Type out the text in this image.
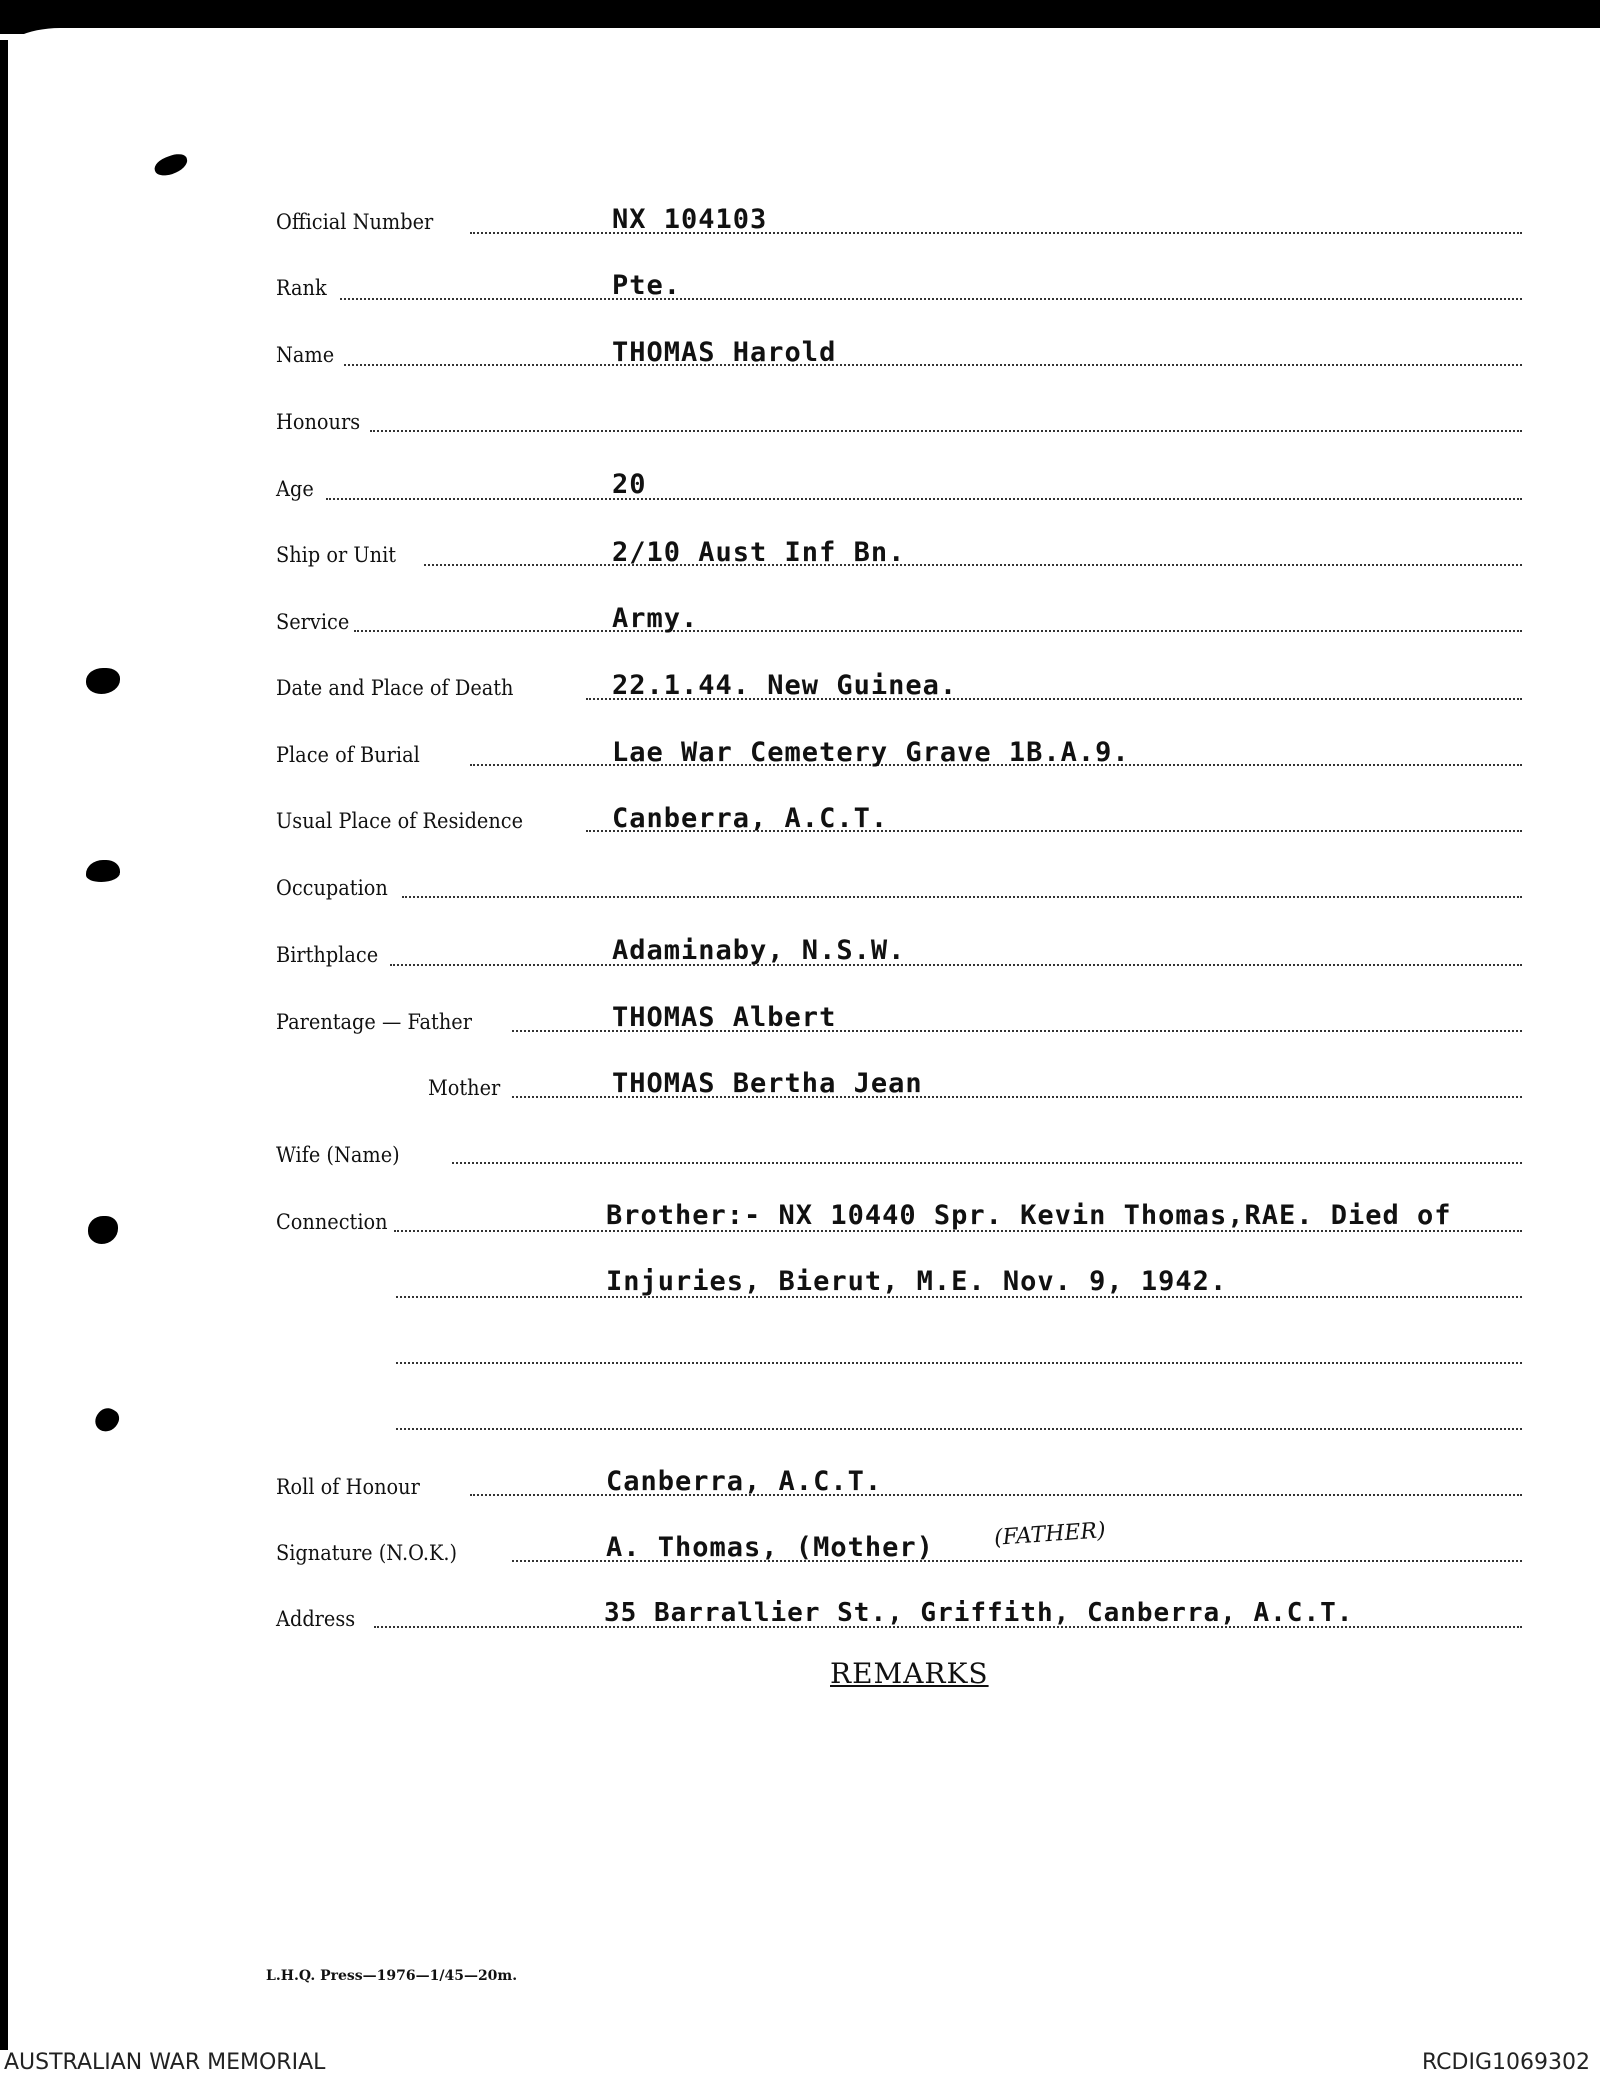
Official Number	NX 104103
Rank	Pte.
Name	THOMAS Harold
Honours
Age	20
Ship or Unit	2/10 Aust Inf Bn.
Service	Army.
Date and Place of Death	22.1.44. New Guinea.
Place of Burial	Lae War Cemetery Grave 1B.A.9.
Usual Place of Residence	Canberra, A.C.T.
Occupation
Birthplace	Adaminaby, N.S.W.
Parentage — Father	THOMAS Albert
Mother	THOMAS Bertha Jean
Wife (Name)
Connection	Brother:- NX 10440 Spr. Kevin Thomas,RAE. Died of
Injuries, Bierut, M.E. Nov. 9, 1942.
Roll of Honour	Canberra, A.C.T.
Signature (N.O.K.)	A. Thomas, (Mother)	(FATHER)
Address	35 Barrallier St., Griffith, Canberra, A.C.T.
REMARKS
L.H.Q. Press—1976—1/45—20m.
AUSTRALIAN WAR MEMORIAL	RCDIG1069302
